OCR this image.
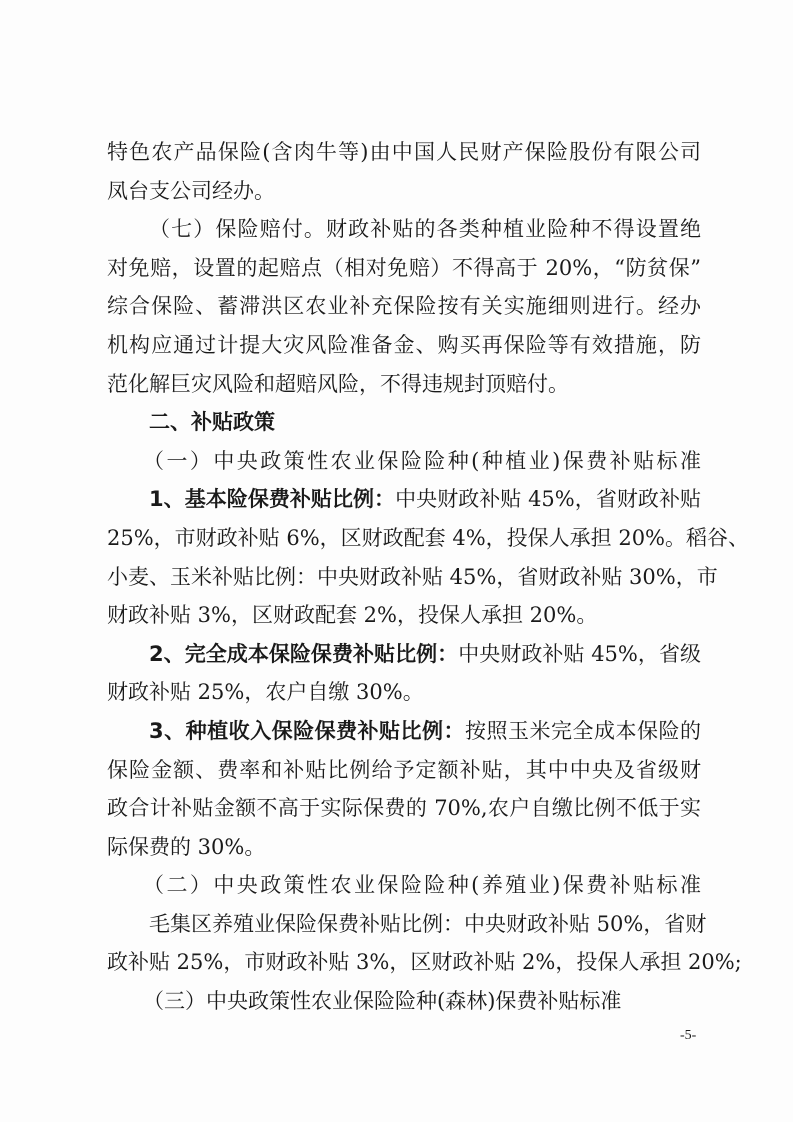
特色农产品保险(含肉牛等)由中国人民财产保险股份有限公司
凤台支公司经办。
（七）保险赔付。财政补贴的各类种植业险种不得设置绝
对免赔，设置的起赔点（相对免赔）不得高于 20%，“防贫保”
综合保险、蓄滞洪区农业补充保险按有关实施细则进行。经办
机构应通过计提大灾风险准备金、购买再保险等有效措施，防
范化解巨灾风险和超赔风险，不得违规封顶赔付。
二、补贴政策
（一）中央政策性农业保险险种(种植业)保费补贴标准
1、基本险保费补贴比例：中央财政补贴 45%，省财政补贴
25%，市财政补贴 6%，区财政配套 4%，投保人承担 20%。稻谷、
小麦、玉米补贴比例：中央财政补贴 45%，省财政补贴 30%，市
财政补贴 3%，区财政配套 2%，投保人承担 20%。
2、完全成本保险保费补贴比例：中央财政补贴 45%，省级
财政补贴 25%，农户自缴 30%。
3、种植收入保险保费补贴比例：按照玉米完全成本保险的
保险金额、费率和补贴比例给予定额补贴，其中中央及省级财
政合计补贴金额不高于实际保费的 70%,农户自缴比例不低于实
际保费的 30%。
（二）中央政策性农业保险险种(养殖业)保费补贴标准
毛集区养殖业保险保费补贴比例：中央财政补贴 50%，省财
政补贴 25%，市财政补贴 3%，区财政补贴 2%，投保人承担 20%;
（三）中央政策性农业保险险种(森林)保费补贴标准
-5-
